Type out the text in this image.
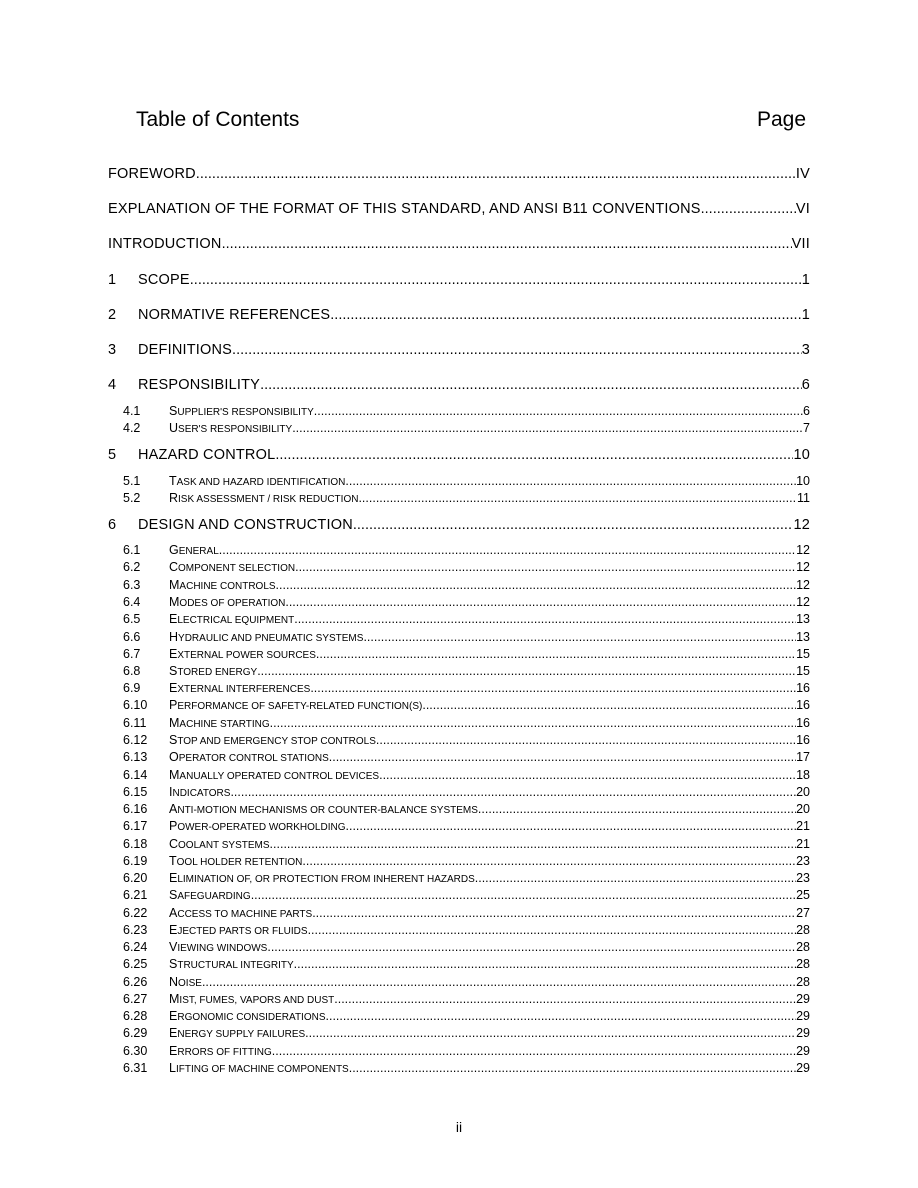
Table of Contents	Page
FOREWORD .....	IV
EXPLANATION OF THE FORMAT OF THIS STANDARD, AND ANSI B11 CONVENTIONS .....	VI
INTRODUCTION .....	VII
1	SCOPE .....	1
2	NORMATIVE REFERENCES .....	1
3	DEFINITIONS .....	3
4	RESPONSIBILITY .....	6
4.1	SUPPLIER'S RESPONSIBILITY .....	6
4.2	USER'S RESPONSIBILITY .....	7
5	HAZARD CONTROL .....	10
5.1	TASK AND HAZARD IDENTIFICATION .....	10
5.2	RISK ASSESSMENT / RISK REDUCTION .....	11
6	DESIGN AND CONSTRUCTION .....	12
6.1	GENERAL .....	12
6.2	COMPONENT SELECTION .....	12
6.3	MACHINE CONTROLS .....	12
6.4	MODES OF OPERATION .....	12
6.5	ELECTRICAL EQUIPMENT .....	13
6.6	HYDRAULIC AND PNEUMATIC SYSTEMS .....	13
6.7	EXTERNAL POWER SOURCES .....	15
6.8	STORED ENERGY .....	15
6.9	EXTERNAL INTERFERENCES .....	16
6.10	PERFORMANCE OF SAFETY-RELATED FUNCTION(S) .....	16
6.11	MACHINE STARTING .....	16
6.12	STOP AND EMERGENCY STOP CONTROLS .....	16
6.13	OPERATOR CONTROL STATIONS .....	17
6.14	MANUALLY OPERATED CONTROL DEVICES .....	18
6.15	INDICATORS .....	20
6.16	ANTI-MOTION MECHANISMS OR COUNTER-BALANCE SYSTEMS .....	20
6.17	POWER-OPERATED WORKHOLDING .....	21
6.18	COOLANT SYSTEMS .....	21
6.19	TOOL HOLDER RETENTION .....	23
6.20	ELIMINATION OF, OR PROTECTION FROM INHERENT HAZARDS .....	23
6.21	SAFEGUARDING .....	25
6.22	ACCESS TO MACHINE PARTS .....	27
6.23	EJECTED PARTS OR FLUIDS .....	28
6.24	VIEWING WINDOWS .....	28
6.25	STRUCTURAL INTEGRITY .....	28
6.26	NOISE .....	28
6.27	MIST, FUMES, VAPORS AND DUST .....	29
6.28	ERGONOMIC CONSIDERATIONS .....	29
6.29	ENERGY SUPPLY FAILURES .....	29
6.30	ERRORS OF FITTING .....	29
6.31	LIFTING OF MACHINE COMPONENTS .....	29
ii
